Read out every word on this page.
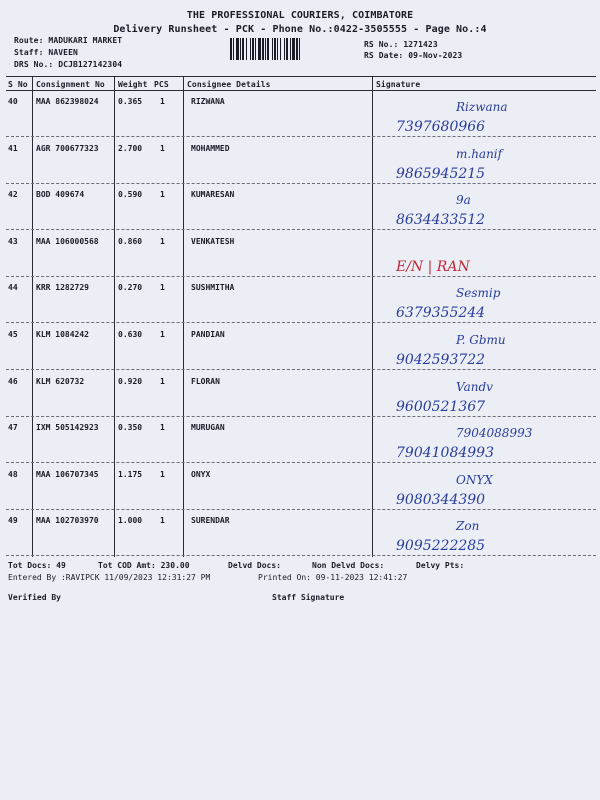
THE PROFESSIONAL COURIERS, COIMBATORE
Delivery Runsheet - PCK - Phone No.:0422-3505555 - Page No.:4
Route: MADUKARI MARKET
Staff: NAVEEN
DRS No.: DCJB127142304
RS No.: 1271423
RS Date: 09-Nov-2023
S No Consignment No Weight PCS Consignee Details	Signature
40 MAA 862398024 0.365 1	RIZWANA	Rizwana
7397680966
41 AGR 700677323 2.700 1	MOHAMMED	m.hanif
9865945215
42 BOD 409674	0.590 1	KUMARESAN	9a
8634433512
43 MAA 106000568 0.860 1	VENKATESH
E/N | RAN
44 KRR 1282729	0.270 1	SUSHMITHA	Sesmip
6379355244
45 KLM 1084242	0.630 1	PANDIAN	P. Gbmu
9042593722
46 KLM 620732	0.920 1	FLORAN	Vandv
9600521367
47 IXM 505142923 0.350 1	MURUGAN	7904088993
79041084993
48 MAA 106707345 1.175 1	ONYX	ONYX
9080344390
49 MAA 102703970 1.000 1	SURENDAR	Zon
9095222285
Tot Docs: 49	Tot COD Amt: 230.00	Delvd Docs:	Non Delvd Docs:	Delvy Pts:
Entered By :RAVIPCK 11/09/2023 12:31:27 PM	Printed On: 09-11-2023 12:41:27
Verified By	Staff Signature
